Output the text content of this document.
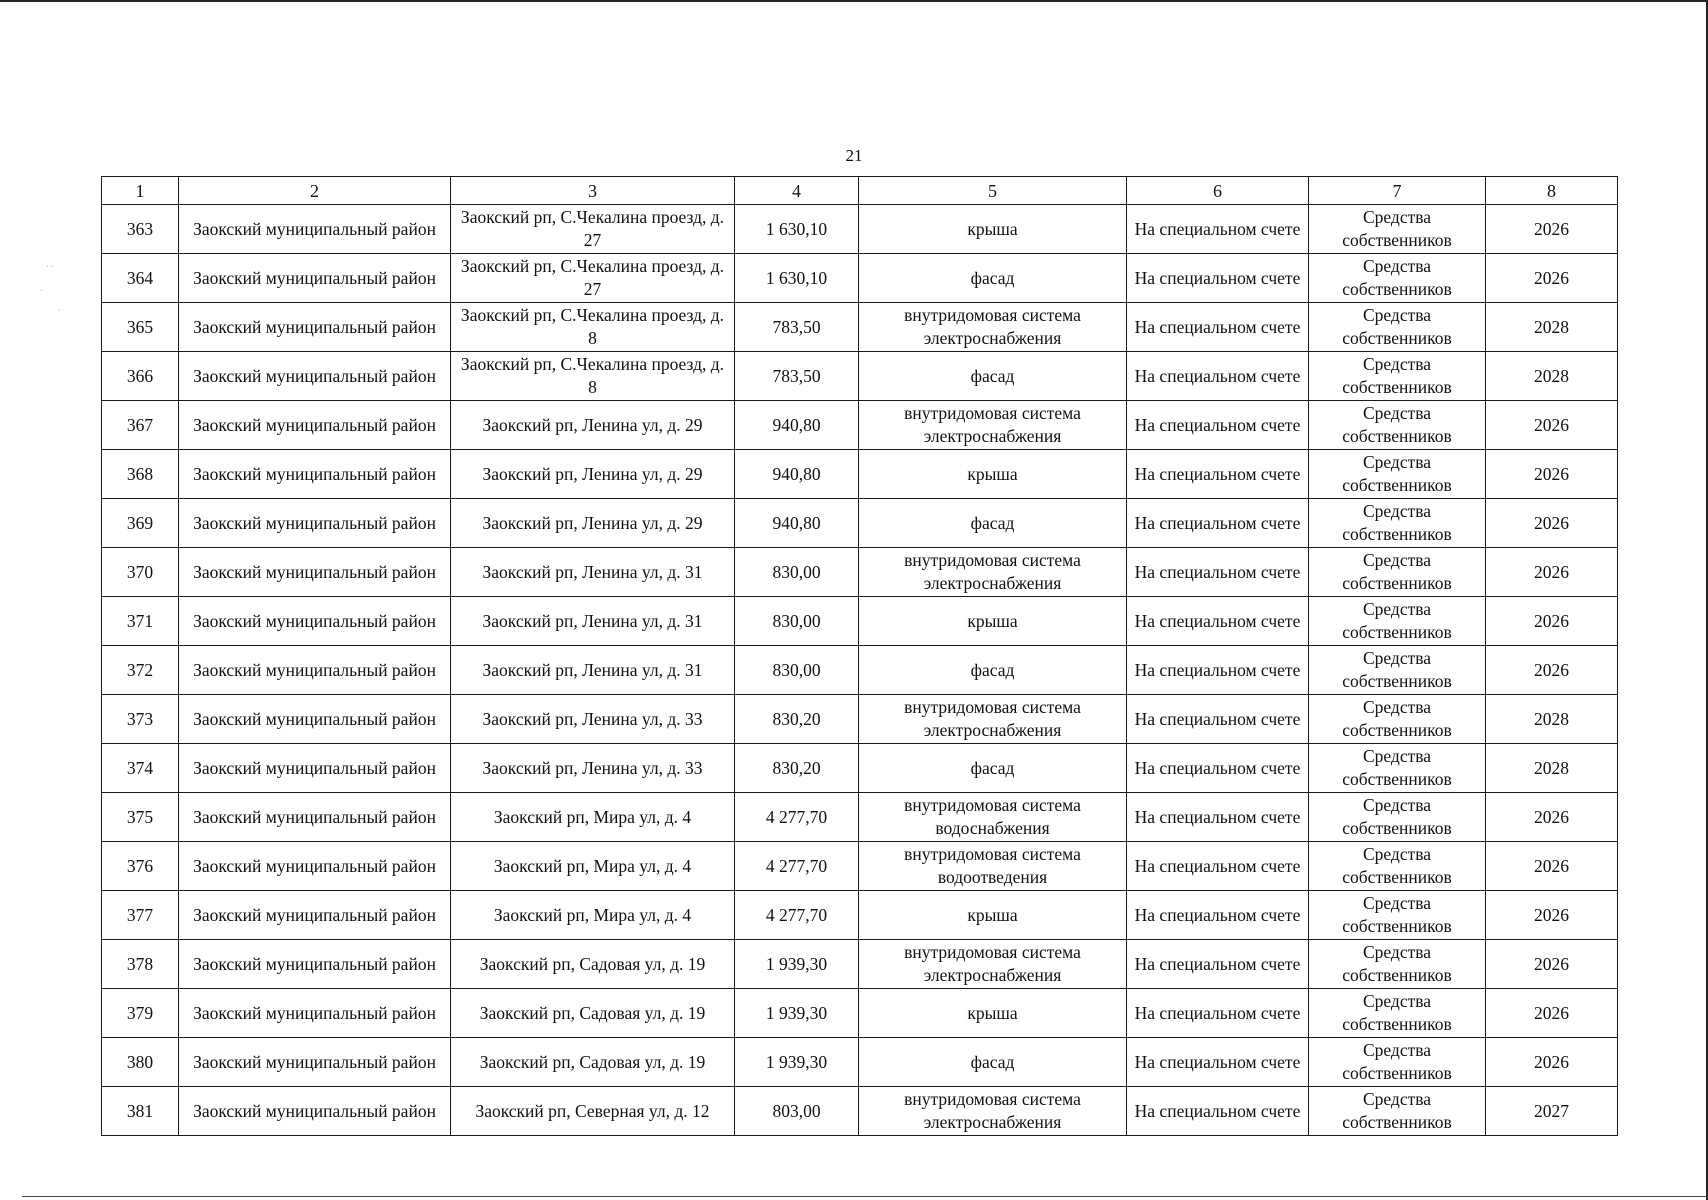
· ·
·
·
21
1	2	3	4	5	6	7	8
363	Заокский муниципальный район	Заокский рп, С.Чекалина проезд, д. 27	1 630,10	крыша	На специальном счете	Средства собственников	2026
364	Заокский муниципальный район	Заокский рп, С.Чекалина проезд, д. 27	1 630,10	фасад	На специальном счете	Средства собственников	2026
365	Заокский муниципальный район	Заокский рп, С.Чекалина проезд, д. 8	783,50	внутридомовая система электроснабжения	На специальном счете	Средства собственников	2028
366	Заокский муниципальный район	Заокский рп, С.Чекалина проезд, д. 8	783,50	фасад	На специальном счете	Средства собственников	2028
367	Заокский муниципальный район	Заокский рп, Ленина ул, д. 29	940,80	внутридомовая система электроснабжения	На специальном счете	Средства собственников	2026
368	Заокский муниципальный район	Заокский рп, Ленина ул, д. 29	940,80	крыша	На специальном счете	Средства собственников	2026
369	Заокский муниципальный район	Заокский рп, Ленина ул, д. 29	940,80	фасад	На специальном счете	Средства собственников	2026
370	Заокский муниципальный район	Заокский рп, Ленина ул, д. 31	830,00	внутридомовая система электроснабжения	На специальном счете	Средства собственников	2026
371	Заокский муниципальный район	Заокский рп, Ленина ул, д. 31	830,00	крыша	На специальном счете	Средства собственников	2026
372	Заокский муниципальный район	Заокский рп, Ленина ул, д. 31	830,00	фасад	На специальном счете	Средства собственников	2026
373	Заокский муниципальный район	Заокский рп, Ленина ул, д. 33	830,20	внутридомовая система электроснабжения	На специальном счете	Средства собственников	2028
374	Заокский муниципальный район	Заокский рп, Ленина ул, д. 33	830,20	фасад	На специальном счете	Средства собственников	2028
375	Заокский муниципальный район	Заокский рп, Мира ул, д. 4	4 277,70	внутридомовая система водоснабжения	На специальном счете	Средства собственников	2026
376	Заокский муниципальный район	Заокский рп, Мира ул, д. 4	4 277,70	внутридомовая система водоотведения	На специальном счете	Средства собственников	2026
377	Заокский муниципальный район	Заокский рп, Мира ул, д. 4	4 277,70	крыша	На специальном счете	Средства собственников	2026
378	Заокский муниципальный район	Заокский рп, Садовая ул, д. 19	1 939,30	внутридомовая система электроснабжения	На специальном счете	Средства собственников	2026
379	Заокский муниципальный район	Заокский рп, Садовая ул, д. 19	1 939,30	крыша	На специальном счете	Средства собственников	2026
380	Заокский муниципальный район	Заокский рп, Садовая ул, д. 19	1 939,30	фасад	На специальном счете	Средства собственников	2026
381	Заокский муниципальный район	Заокский рп, Северная ул, д. 12	803,00	внутридомовая система электроснабжения	На специальном счете	Средства собственников	2027
